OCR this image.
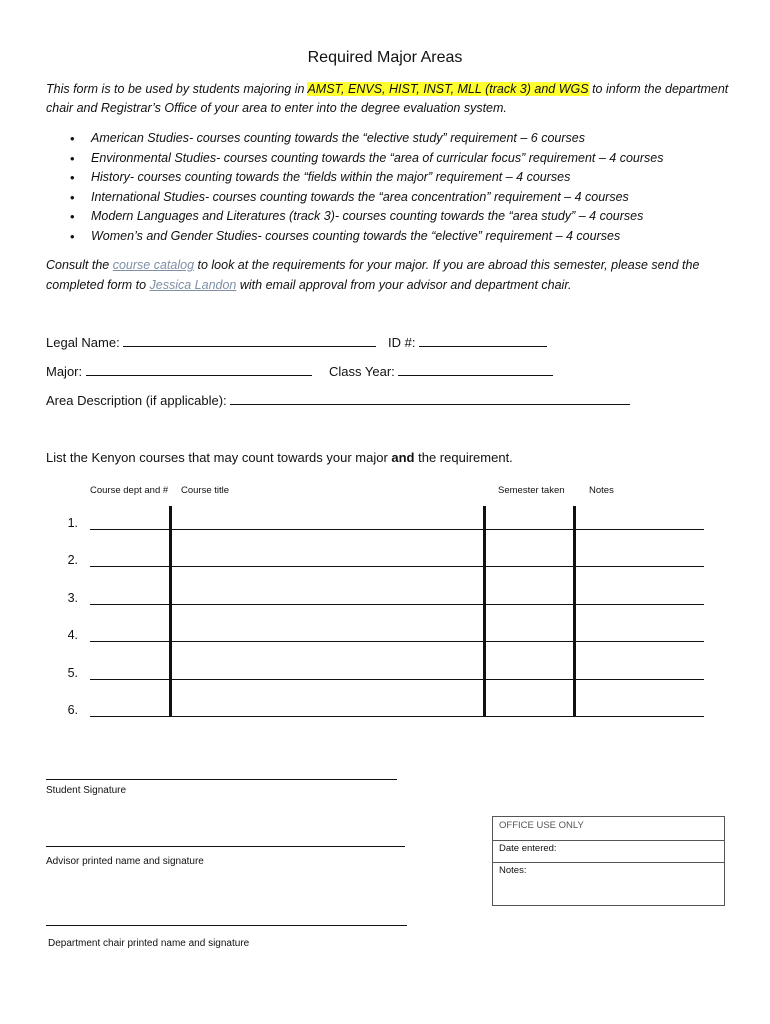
Required Major Areas
This form is to be used by students majoring in AMST, ENVS, HIST, INST, MLL (track 3) and WGS to inform the department chair and Registrar’s Office of your area to enter into the degree evaluation system.
• American Studies- courses counting towards the “elective study” requirement – 6 courses
• Environmental Studies- courses counting towards the “area of curricular focus” requirement – 4 courses
• History- courses counting towards the “fields within the major” requirement – 4 courses
• International Studies- courses counting towards the “area concentration” requirement – 4 courses
• Modern Languages and Literatures (track 3)- courses counting towards the “area study” – 4 courses
• Women’s and Gender Studies- courses counting towards the “elective” requirement – 4 courses
Consult the course catalog to look at the requirements for your major. If you are abroad this semester, please send the completed form to Jessica Landon with email approval from your advisor and department chair.
Legal Name:	ID #:
Major:	Class Year:
Area Description (if applicable):
List the Kenyon courses that may count towards your major and the requirement.
Course dept and # Course title	Semester taken	Notes
1.
2.
3.
4.
5.
6.
Student Signature
Advisor printed name and signature
Department chair printed name and signature
OFFICE USE ONLY
Date entered:
Notes:
